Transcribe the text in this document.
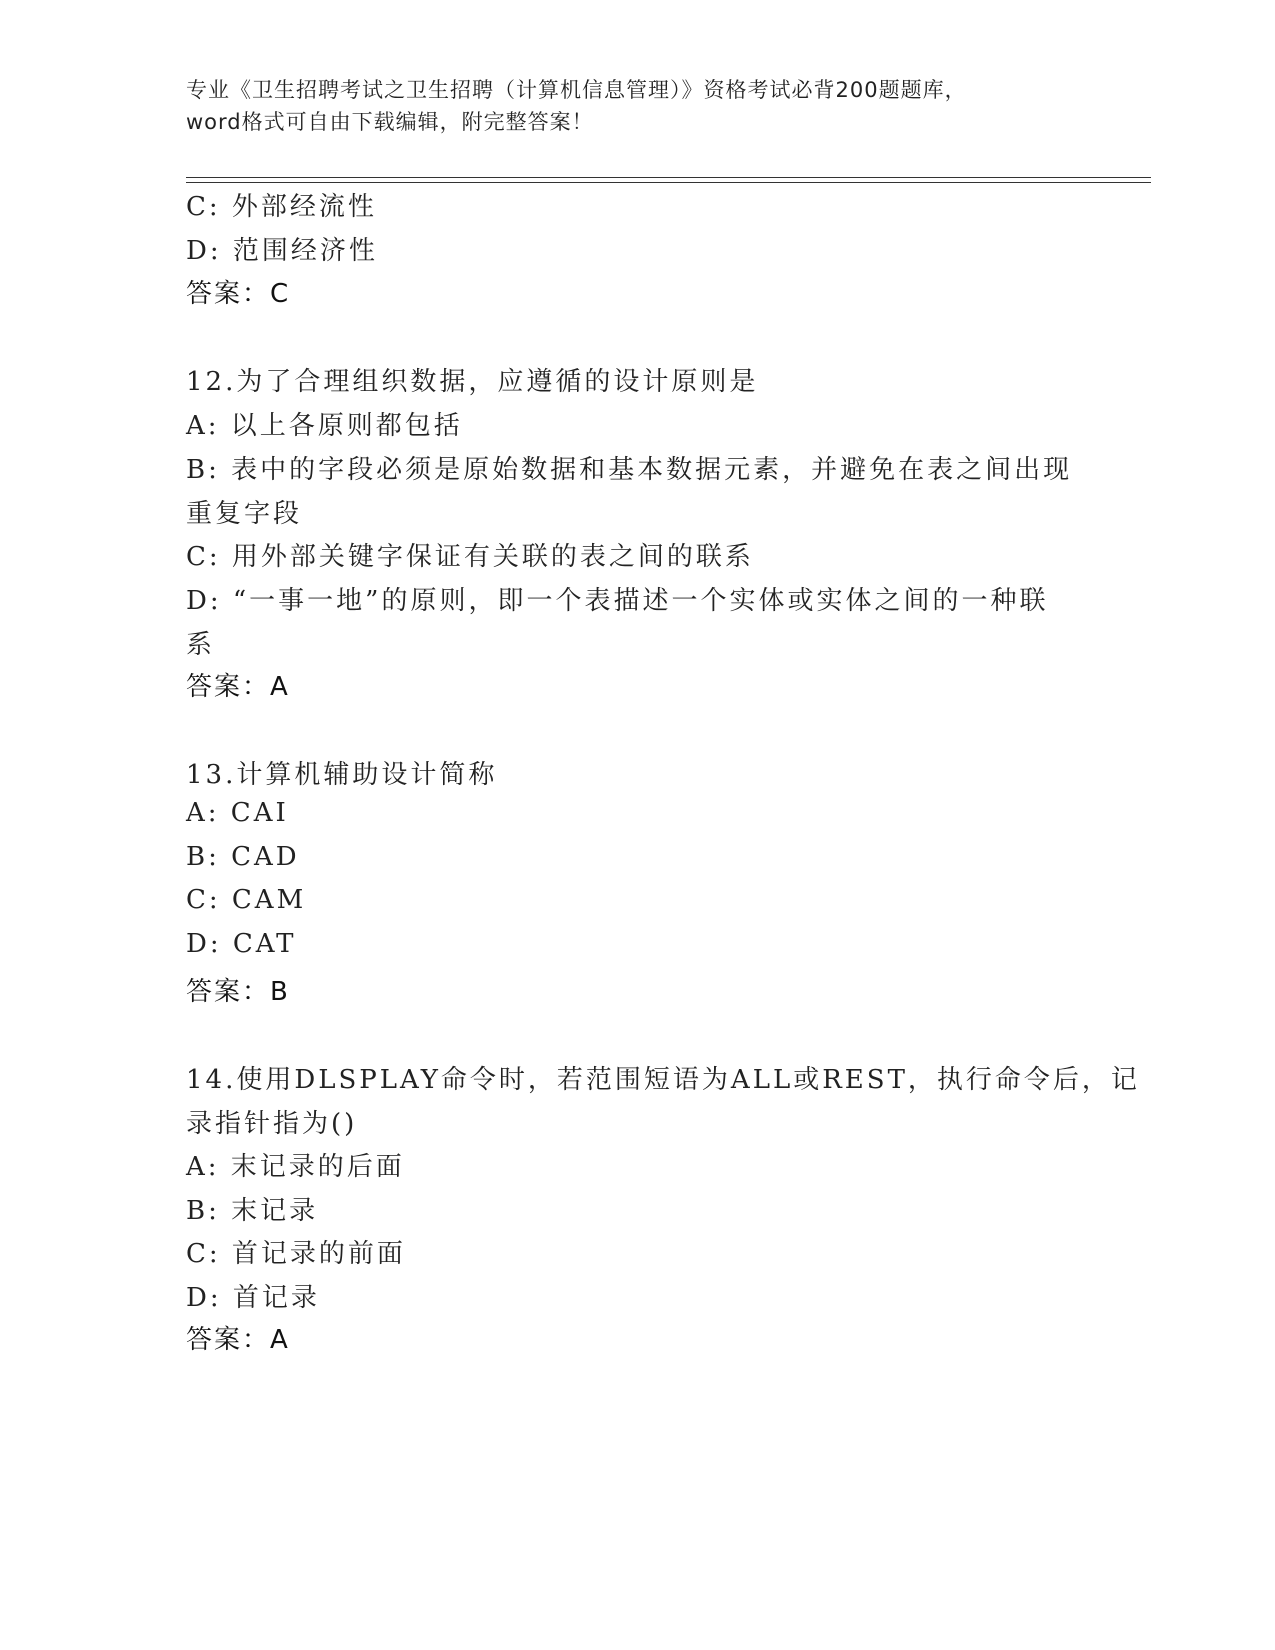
专业《卫生招聘考试之卫生招聘（计算机信息管理）》资格考试必背200题题库，
word格式可自由下载编辑，附完整答案！
C: 外部经流性
D: 范围经济性
答案：C
12.为了合理组织数据，应遵循的设计原则是
A: 以上各原则都包括
B: 表中的字段必须是原始数据和基本数据元素，并避免在表之间出现
重复字段
C: 用外部关键字保证有关联的表之间的联系
D: “一事一地”的原则，即一个表描述一个实体或实体之间的一种联
系
答案：A
13.计算机辅助设计简称
A: CAI
B: CAD
C: CAM
D: CAT
答案：B
14.使用DLSPLAY命令时，若范围短语为ALL或REST，执行命令后，记
录指针指为()
A: 末记录的后面
B: 末记录
C: 首记录的前面
D: 首记录
答案：A
